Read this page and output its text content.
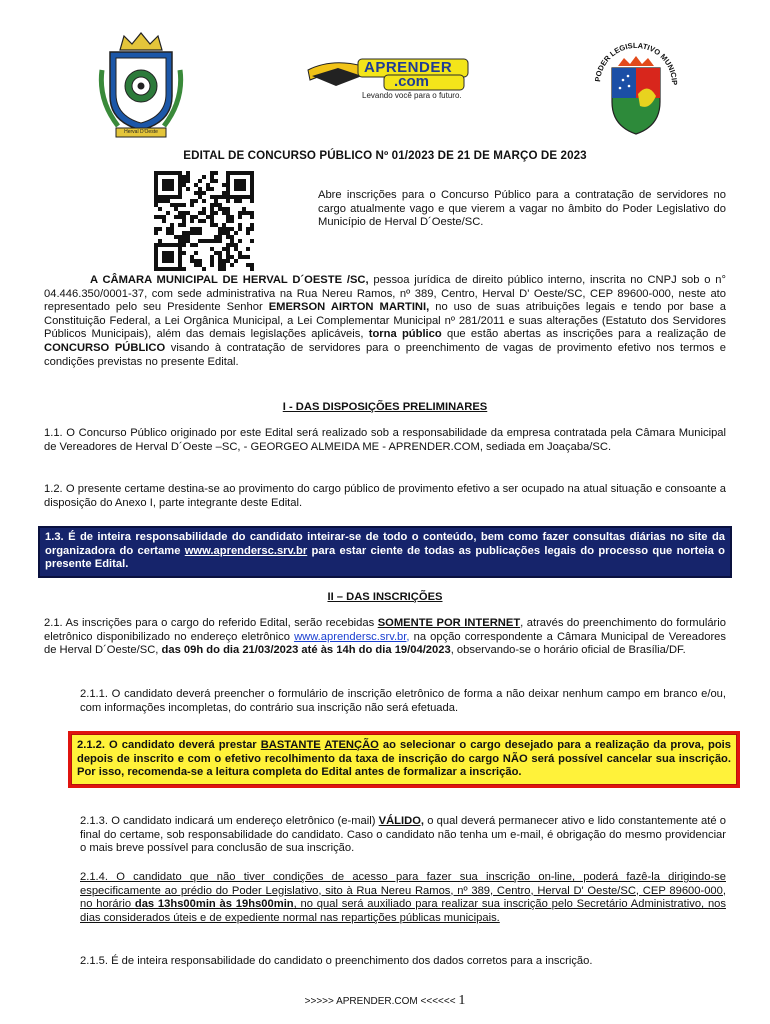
Herval D'Oeste
APRENDER
.com
Levando você para o futuro.
PODER LEGISLATIVO MUNICIP
EDITAL DE CONCURSO PÚBLICO Nº 01/2023 DE 21 DE MARÇO DE 2023

Abre inscrições para o Concurso Público para a contratação de servidores no cargo atualmente vago e que vierem a vagar no âmbito do Poder Legislativo do Município de Herval D´Oeste/SC.

A CÂMARA MUNICIPAL DE HERVAL D´OESTE /SC, pessoa jurídica de direito público interno, inscrita no CNPJ sob o n° 04.446.350/0001-37, com sede administrativa na Rua Nereu Ramos, nº 389, Centro, Herval D' Oeste/SC, CEP 89600-000, neste ato representado pelo seu Presidente Senhor EMERSON AIRTON MARTINI, no uso de suas atribuições legais e tendo por base a Constituição Federal, a Lei Orgânica Municipal, a Lei Complementar Municipal nº 281/2011 e suas alterações (Estatuto dos Servidores Públicos Municipais), além das demais legislações aplicáveis, torna público que estão abertas as inscrições para a realização de CONCURSO PÚBLICO visando à contratação de servidores para o preenchimento de vagas de provimento efetivo nos termos e condições previstas no presente Edital.

I - DAS DISPOSIÇÕES PRELIMINARES

1.1. O Concurso Público originado por este Edital será realizado sob a responsabilidade da empresa contratada pela Câmara Municipal de Vereadores de Herval D´Oeste –SC, - GEORGEO ALMEIDA ME - APRENDER.COM, sediada em Joaçaba/SC.

1.2. O presente certame destina-se ao provimento do cargo público de provimento efetivo a ser ocupado na atual situação e consoante a disposição do Anexo I, parte integrante deste Edital.

1.3. É de inteira responsabilidade do candidato inteirar-se de todo o conteúdo, bem como fazer consultas diárias no site da organizadora do certame www.aprendersc.srv.br para estar ciente de todas as publicações legais do processo que norteia o presente Edital.
II – DAS INSCRIÇÕES

2.1. As inscrições para o cargo do referido Edital, serão recebidas SOMENTE POR INTERNET, através do preenchimento do formulário eletrônico disponibilizado no endereço eletrônico www.aprendersc.srv.br, na opção correspondente a Câmara Municipal de Vereadores de Herval D´Oeste/SC, das 09h do dia 21/03/2023 até às 14h do dia 19/04/2023, observando-se o horário oficial de Brasília/DF.

2.1.1. O candidato deverá preencher o formulário de inscrição eletrônico de forma a não deixar nenhum campo em branco e/ou, com informações incompletas, do contrário sua inscrição não será efetuada.

2.1.2. O candidato deverá prestar BASTANTE ATENÇÃO ao selecionar o cargo desejado para a realização da prova, pois depois de inscrito e com o efetivo recolhimento da taxa de inscrição do cargo NÃO será possível cancelar sua inscrição. Por isso, recomenda-se a leitura completa do Edital antes de formalizar a inscrição.

2.1.3. O candidato indicará um endereço eletrônico (e-mail) VÁLIDO, o qual deverá permanecer ativo e lido constantemente até o final do certame, sob responsabilidade do candidato. Caso o candidato não tenha um e-mail, é obrigação do mesmo providenciar o mais breve possível para conclusão de sua inscrição.

2.1.4. O candidato que não tiver condições de acesso para fazer sua inscrição on-line, poderá fazê-la dirigindo-se especificamente ao prédio do Poder Legislativo, sito à Rua Nereu Ramos, nº 389, Centro, Herval D' Oeste/SC, CEP 89600-000, no horário das 13hs00min às 19hs00min, no qual será auxiliado para realizar sua inscrição pelo Secretário Administrativo, nos dias considerados úteis e de expediente normal nas repartições públicas municipais.

2.1.5. É de inteira responsabilidade do candidato o preenchimento dos dados corretos para a inscrição.

>>>>> APRENDER.COM <<<<<< 1
